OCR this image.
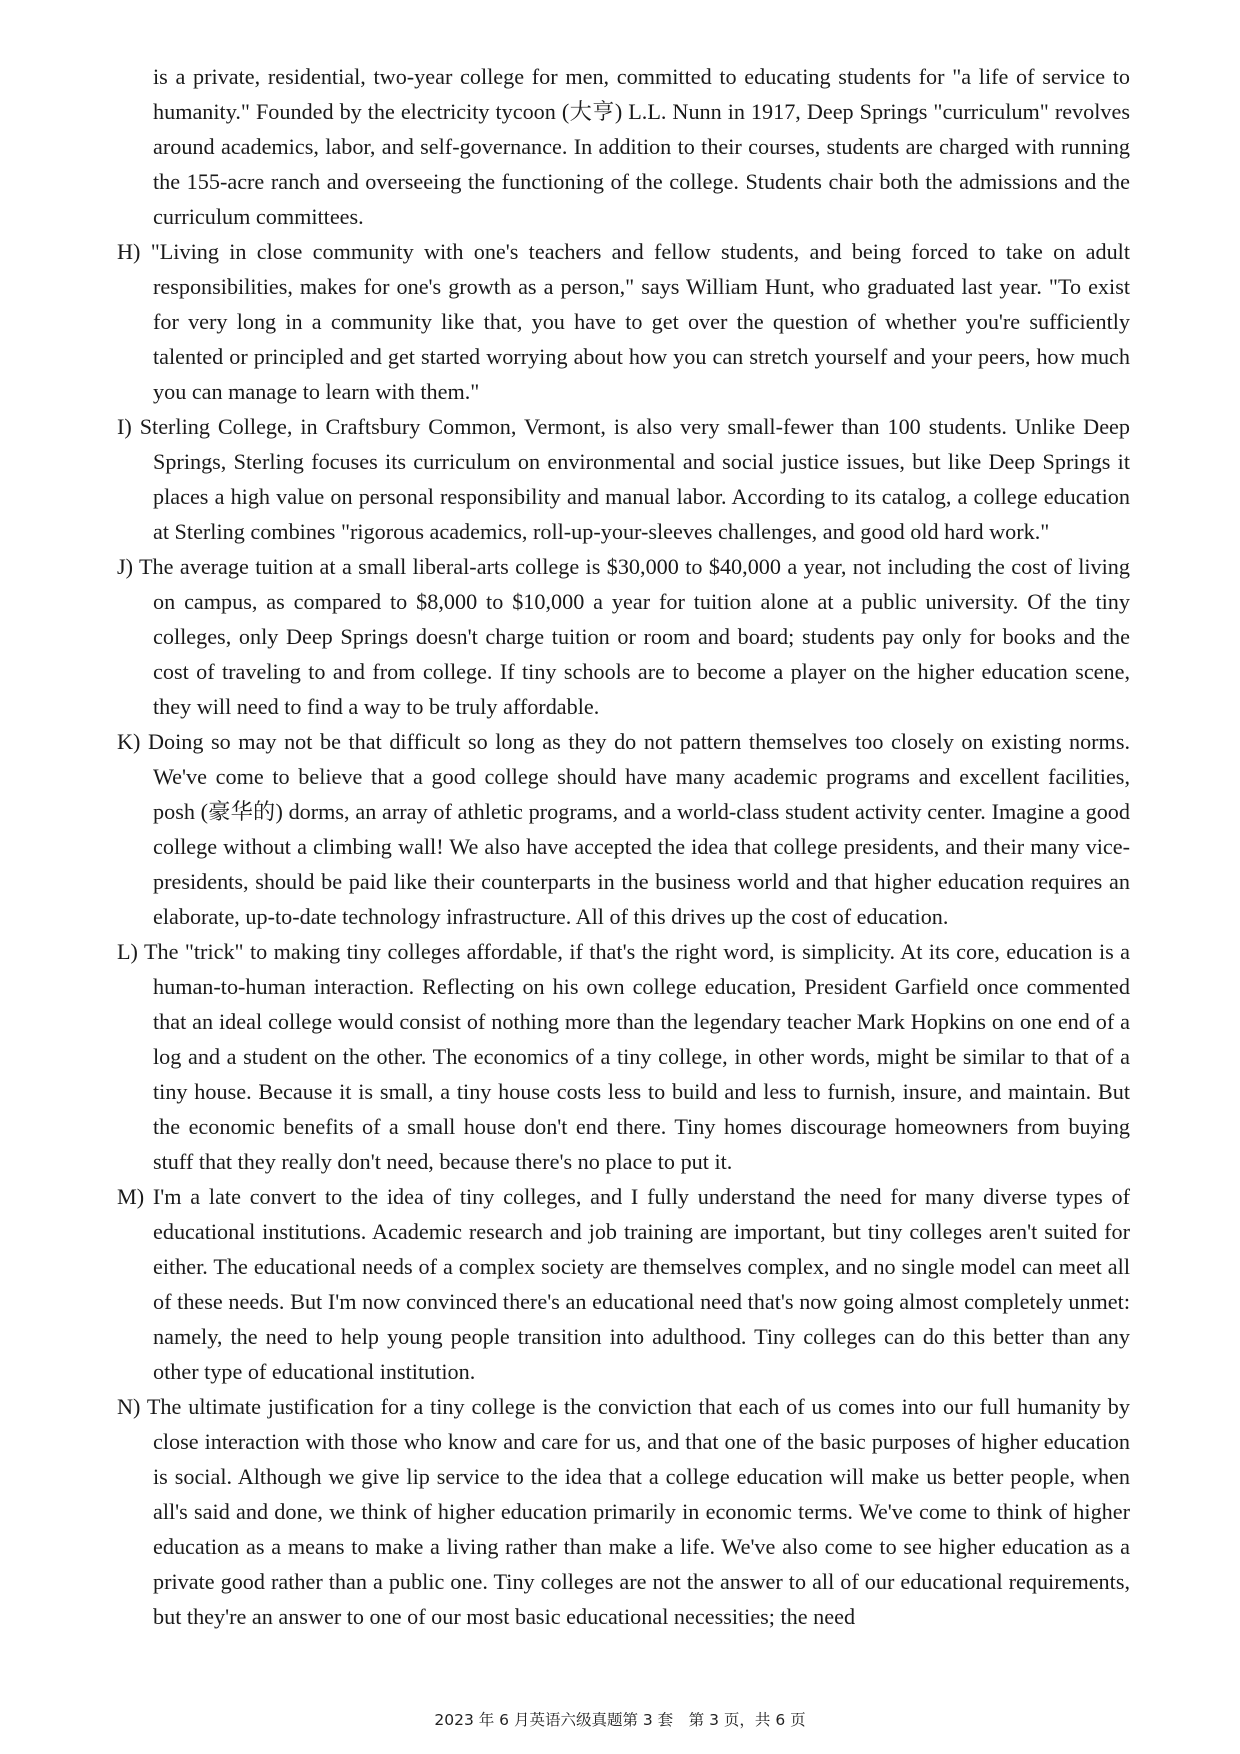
is a private, residential, two-year college for men, committed to educating students for "a life of service to humanity." Founded by the electricity tycoon (大亨) L.L. Nunn in 1917, Deep Springs "curriculum" revolves around academics, labor, and self-governance. In addition to their courses, students are charged with running the 155-acre ranch and overseeing the functioning of the college. Students chair both the admissions and the curriculum committees.

H) "Living in close community with one's teachers and fellow students, and being forced to take on adult responsibilities, makes for one's growth as a person," says William Hunt, who graduated last year. "To exist for very long in a community like that, you have to get over the question of whether you're sufficiently talented or principled and get started worrying about how you can stretch yourself and your peers, how much you can manage to learn with them."

I) Sterling College, in Craftsbury Common, Vermont, is also very small-fewer than 100 students. Unlike Deep Springs, Sterling focuses its curriculum on environmental and social justice issues, but like Deep Springs it places a high value on personal responsibility and manual labor. According to its catalog, a college education at Sterling combines "rigorous academics, roll-up-your-sleeves challenges, and good old hard work."

J) The average tuition at a small liberal-arts college is $30,000 to $40,000 a year, not including the cost of living on campus, as compared to $8,000 to $10,000 a year for tuition alone at a public university. Of the tiny colleges, only Deep Springs doesn't charge tuition or room and board; students pay only for books and the cost of traveling to and from college. If tiny schools are to become a player on the higher education scene, they will need to find a way to be truly affordable.

K) Doing so may not be that difficult so long as they do not pattern themselves too closely on existing norms. We've come to believe that a good college should have many academic programs and excellent facilities, posh (豪华的) dorms, an array of athletic programs, and a world-class student activity center. Imagine a good college without a climbing wall! We also have accepted the idea that college presidents, and their many vice-presidents, should be paid like their counterparts in the business world and that higher education requires an elaborate, up-to-date technology infrastructure. All of this drives up the cost of education.

L) The "trick" to making tiny colleges affordable, if that's the right word, is simplicity. At its core, education is a human-to-human interaction. Reflecting on his own college education, President Garfield once commented that an ideal college would consist of nothing more than the legendary teacher Mark Hopkins on one end of a log and a student on the other. The economics of a tiny college, in other words, might be similar to that of a tiny house. Because it is small, a tiny house costs less to build and less to furnish, insure, and maintain. But the economic benefits of a small house don't end there. Tiny homes discourage homeowners from buying stuff that they really don't need, because there's no place to put it.

M) I'm a late convert to the idea of tiny colleges, and I fully understand the need for many diverse types of educational institutions. Academic research and job training are important, but tiny colleges aren't suited for either. The educational needs of a complex society are themselves complex, and no single model can meet all of these needs. But I'm now convinced there's an educational need that's now going almost completely unmet: namely, the need to help young people transition into adulthood. Tiny colleges can do this better than any other type of educational institution.

N) The ultimate justification for a tiny college is the conviction that each of us comes into our full humanity by close interaction with those who know and care for us, and that one of the basic purposes of higher education is social. Although we give lip service to the idea that a college education will make us better people, when all's said and done, we think of higher education primarily in economic terms. We've come to think of higher education as a means to make a living rather than make a life. We've also come to see higher education as a private good rather than a public one. Tiny colleges are not the answer to all of our educational requirements, but they're an answer to one of our most basic educational necessities; the need

2023 年 6 月英语六级真题第 3 套　第 3 页，共 6 页
